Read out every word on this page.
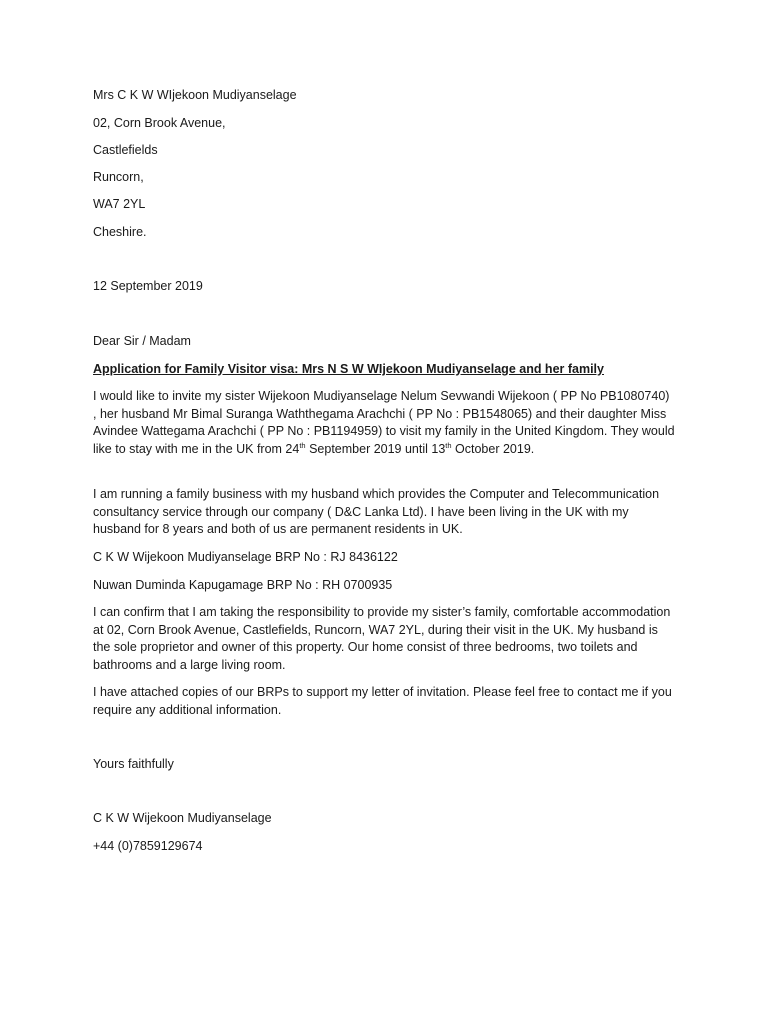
Mrs C K W WIjekoon Mudiyanselage
02, Corn Brook Avenue,
Castlefields
Runcorn,
WA7 2YL
Cheshire.
12 September 2019
Dear Sir / Madam
Application for Family Visitor visa: Mrs N S W WIjekoon Mudiyanselage and her family
I would like to invite my sister Wijekoon Mudiyanselage Nelum Sevwandi Wijekoon ( PP No PB1080740) , her husband Mr Bimal Suranga Waththegama Arachchi ( PP No : PB1548065) and their daughter Miss Avindee Wattegama Arachchi ( PP No : PB1194959) to visit my family in the United Kingdom. They would like to stay with me in the UK from 24th September 2019 until 13th October 2019.
I am running a family business with my husband which provides the Computer and Telecommunication consultancy service through our company ( D&C Lanka Ltd). I have been living in the UK with my husband for 8 years and both of us are permanent residents in UK.
C K W Wijekoon Mudiyanselage BRP No : RJ 8436122
Nuwan Duminda Kapugamage BRP No : RH 0700935
I can confirm that I am taking the responsibility to provide my sister’s family, comfortable accommodation at 02, Corn Brook Avenue, Castlefields, Runcorn, WA7 2YL, during their visit in the UK. My husband is the sole proprietor and owner of this property. Our home consist of three bedrooms, two toilets and bathrooms and a large living room.
I have attached copies of our BRPs to support my letter of invitation. Please feel free to contact me if you require any additional information.
Yours faithfully
C K W Wijekoon Mudiyanselage
+44 (0)7859129674
